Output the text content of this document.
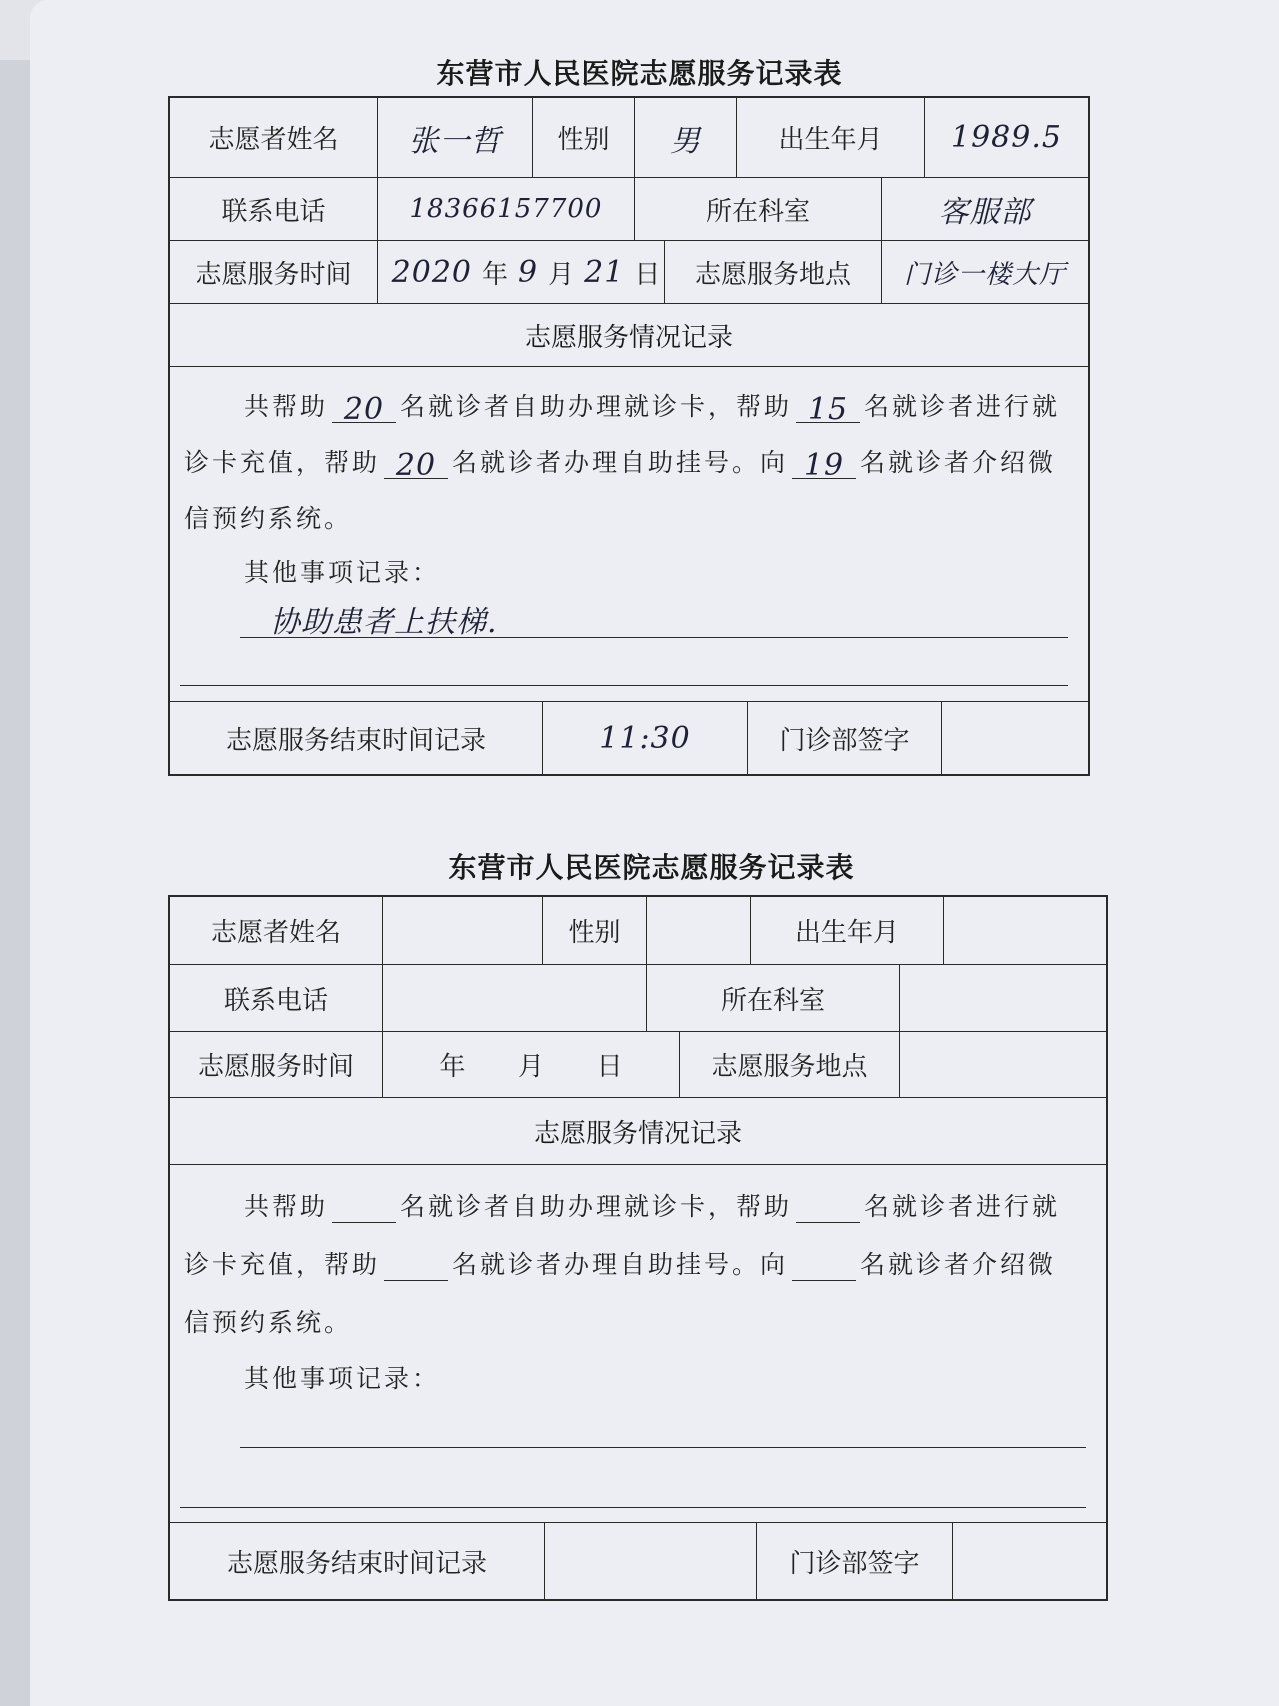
东营市人民医院志愿服务记录表
志愿者姓名	张一哲	性别	男	出生年月	1989.5
联系电话	18366157700	所在科室	客服部
志愿服务时间	2020 年 9 月 21 日	志愿服务地点	门诊一楼大厅
志愿服务情况记录
共帮助 20 名就诊者自助办理就诊卡，帮助 15 名就诊者进行就
诊卡充值，帮助 20 名就诊者办理自助挂号。向 19 名就诊者介绍微
信预约系统。
其他事项记录：
协助患者上扶梯.
志愿服务结束时间记录	11:30	门诊部签字
东营市人民医院志愿服务记录表
志愿者姓名	性别	出生年月
联系电话	所在科室
志愿服务时间	年 月 日	志愿服务地点
志愿服务情况记录
共帮助	名就诊者自助办理就诊卡，帮助	名就诊者进行就
诊卡充值，帮助	名就诊者办理自助挂号。向	名就诊者介绍微
信预约系统。
其他事项记录：
志愿服务结束时间记录	门诊部签字
